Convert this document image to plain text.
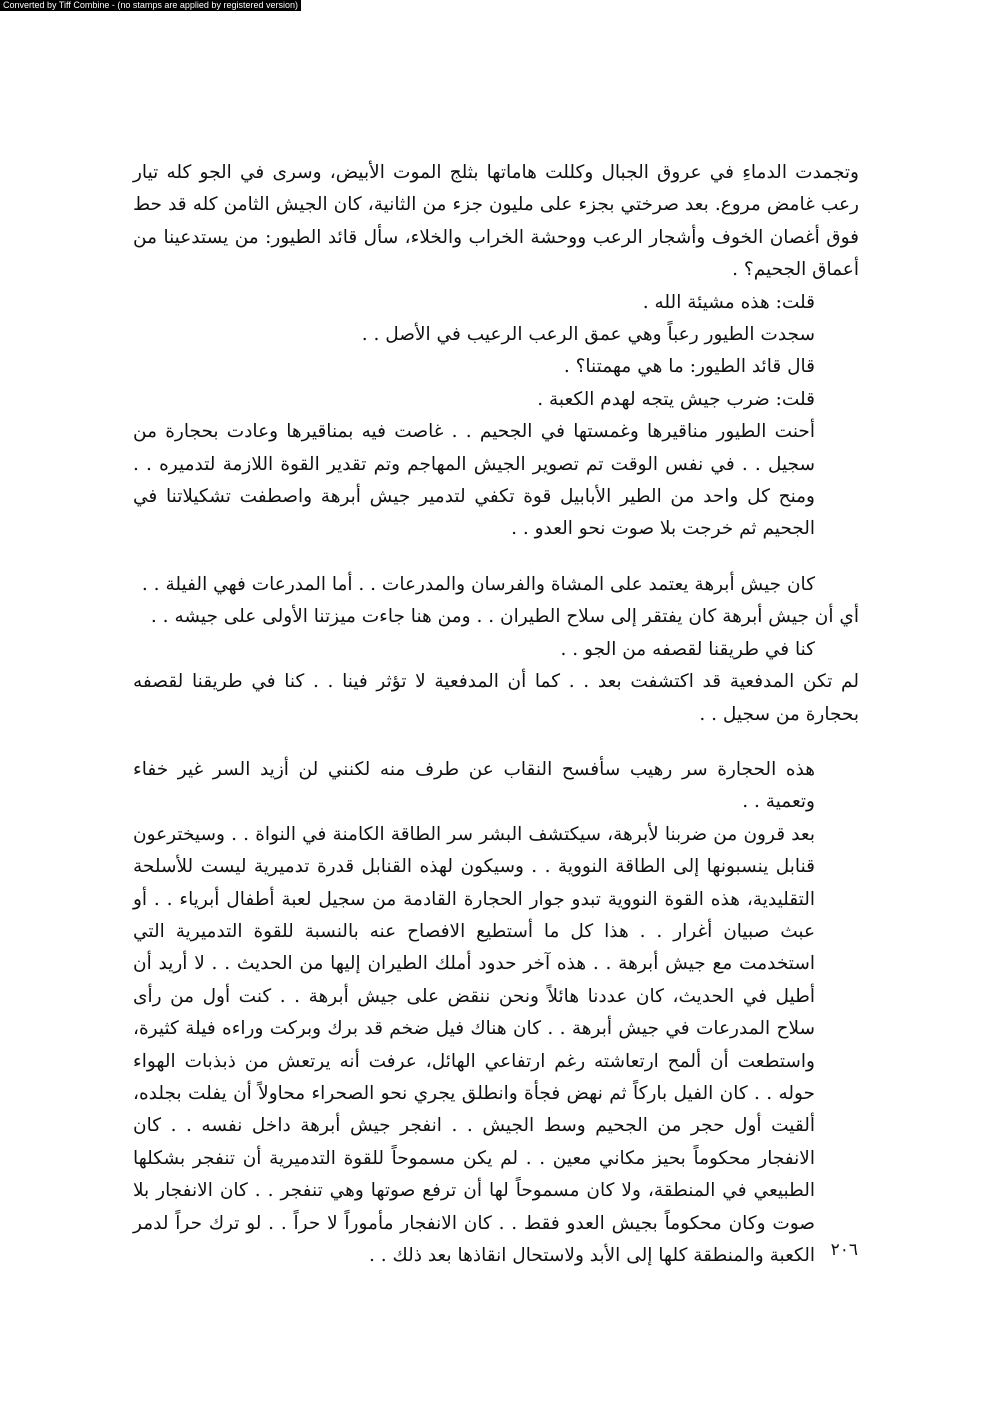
Converted by Tiff Combine - (no stamps are applied by registered version)

وتجمدت الدماءِ في عروق الجبال وكللت هاماتها بثلج الموت الأبيض، وسرى في الجو كله تيار رعب غامض مروع. بعد صرختي بجزء على مليون جزء من الثانية، كان الجيش الثامن كله قد حط فوق أغصان الخوف وأشجار الرعب ووحشة الخراب والخلاء، سأل قائد الطيور: من يستدعينا من أعماق الجحيم؟ .

قلت: هذه مشيئة الله .

سجدت الطيور رعباً وهي عمق الرعب الرعيب في الأصل . .

قال قائد الطيور: ما هي مهمتنا؟ .

قلت: ضرب جيش يتجه لهدم الكعبة .

أحنت الطيور مناقيرها وغمستها في الجحيم . . غاصت فيه بمناقيرها وعادت بحجارة من سجيل . . في نفس الوقت تم تصوير الجيش المهاجم وتم تقدير القوة اللازمة لتدميره . . ومنح كل واحد من الطير الأبابيل قوة تكفي لتدمير جيش أبرهة واصطفت تشكيلاتنا في الجحيم ثم خرجت بلا صوت نحو العدو . .

كان جيش أبرهة يعتمد على المشاة والفرسان والمدرعات . . أما المدرعات فهي الفيلة . .

أي أن جيش أبرهة كان يفتقر إلى سلاح الطيران . . ومن هنا جاءت ميزتنا الأولى على جيشه . .

كنا في طريقنا لقصفه من الجو . .

لم تكن المدفعية قد اكتشفت بعد . . كما أن المدفعية لا تؤثر فينا . . كنا في طريقنا لقصفه بحجارة من سجيل . .

هذه الحجارة سر رهيب سأفسح النقاب عن طرف منه لكنني لن أزيد السر غير خفاء وتعمية . .

بعد قرون من ضربنا لأبرهة، سيكتشف البشر سر الطاقة الكامنة في النواة . . وسيخترعون قنابل ينسبونها إلى الطاقة النووية . . وسيكون لهذه القنابل قدرة تدميرية ليست للأسلحة التقليدية، هذه القوة النووية تبدو جوار الحجارة القادمة من سجيل لعبة أطفال أبرياء . . أو عبث صبيان أغرار . . هذا كل ما أستطيع الافصاح عنه بالنسبة للقوة التدميرية التي استخدمت مع جيش أبرهة . . هذه آخر حدود أملك الطيران إليها من الحديث . . لا أريد أن أطيل في الحديث، كان عددنا هائلاً ونحن ننقض على جيش أبرهة . . كنت أول من رأى سلاح المدرعات في جيش أبرهة . . كان هناك فيل ضخم قد برك وبركت وراءه فيلة كثيرة، واستطعت أن ألمح ارتعاشته رغم ارتفاعي الهائل، عرفت أنه يرتعش من ذبذبات الهواء حوله . . كان الفيل باركاً ثم نهض فجأة وانطلق يجري نحو الصحراء محاولاً أن يفلت بجلده، ألقيت أول حجر من الجحيم وسط الجيش . . انفجر جيش أبرهة داخل نفسه . . كان الانفجار محكوماً بحيز مكاني معين . . لم يكن مسموحاً للقوة التدميرية أن تنفجر بشكلها الطبيعي في المنطقة، ولا كان مسموحاً لها أن ترفع صوتها وهي تنفجر . . كان الانفجار بلا صوت وكان محكوماً بجيش العدو فقط . . كان الانفجار مأموراً لا حراً . . لو ترك حراً لدمر الكعبة والمنطقة كلها إلى الأبد ولاستحال انقاذها بعد ذلك . . ٢٠٦
